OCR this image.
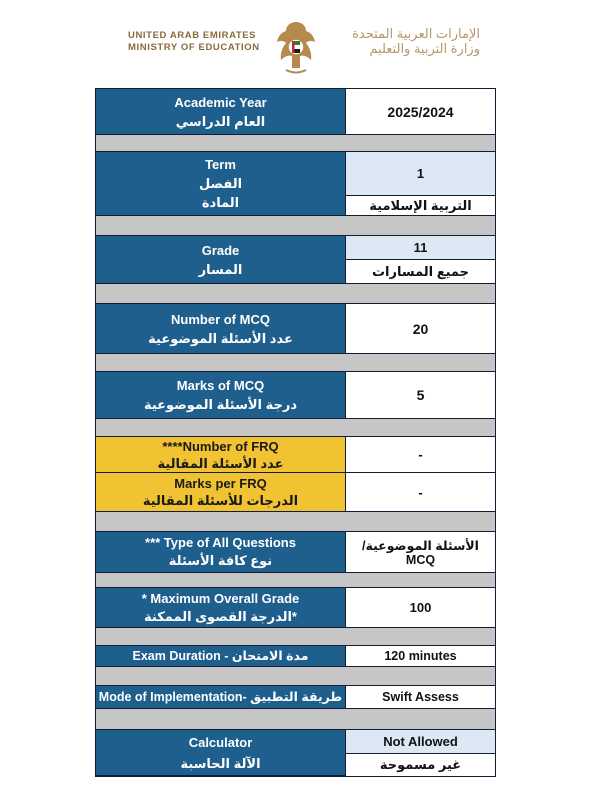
UNITED ARAB EMIRATES
MINISTRY OF EDUCATION
الإمارات العربية المتحدة
وزارة التربية والتعليم
Academic Year
العام الدراسي
2025/2024
Term
الفصل
المادة
1
التربية الإسلامية
Grade
المسار
11
جميع المسارات
Number of MCQ
عدد الأسئلة الموضوعية
20
Marks of MCQ
درجة الأسئلة الموضوعية
5
****Number of FRQ
عدد الأسئلة المقالية
-
Marks per FRQ
الدرجات للأسئلة المقالية
-
*** Type of All Questions
نوع كافة الأسئلة
الأسئلة الموضوعية/ MCQ
* Maximum Overall Grade
*الدرجة القصوى الممكنة
100
Exam Duration - مدة الامتحان	120 minutes
Mode of Implementation- طريقة التطبيق	Swift Assess
Calculator
الآلة الحاسبة
Not Allowed
غير مسموحة
